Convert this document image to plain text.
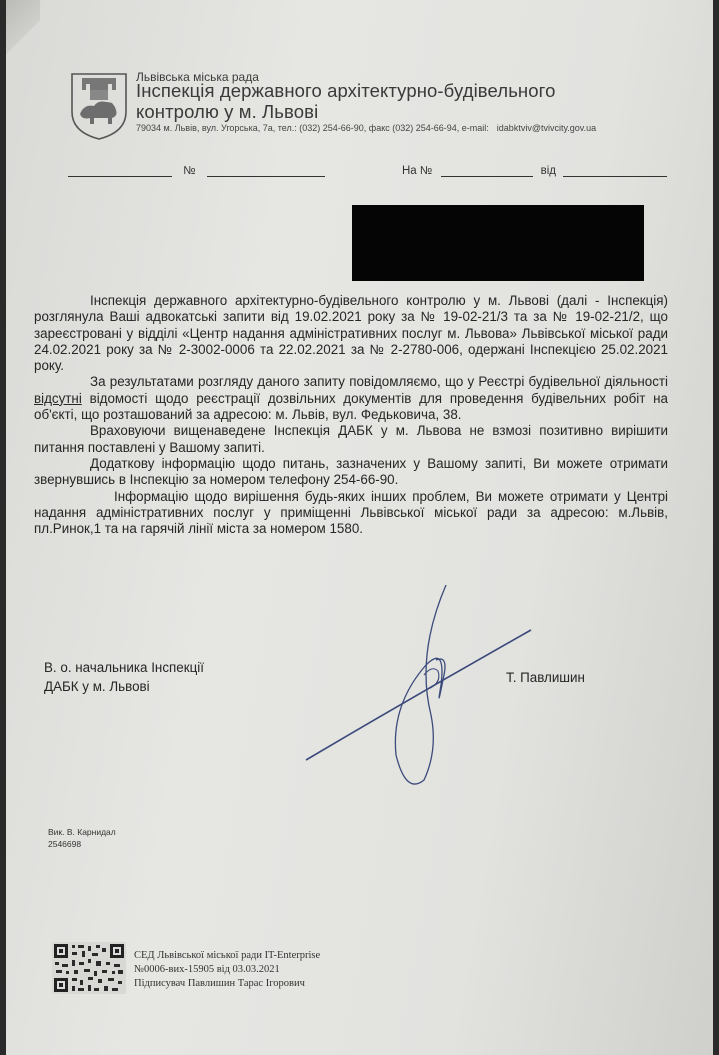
Львівська міська рада
Інспекція державного архітектурно-будівельного
контролю у м. Львові
79034 м. Львів, вул. Угорська, 7а, тел.: (032) 254-66-90, факс (032) 254-66-94, e-mail: idabktviv@tvivcity.gov.ua
№	На №	від

Інспекція державного архітектурно-будівельного контролю у м. Львові (далі - Інспекція) розглянула Ваші адвокатські запити від 19.02.2021 року за № 19-02-21/3 та за № 19-02-21/2, що зареєстровані у відділі «Центр надання адміністративних послуг м. Львова» Львівської міської ради 24.02.2021 року за № 2-3002-0006 та 22.02.2021 за № 2-2780-006, одержані Інспекцією 25.02.2021 року.

За результатами розгляду даного запиту повідомляємо, що у Реєстрі будівельної діяльності відсутні відомості щодо реєстрації дозвільних документів для проведення будівельних робіт на об'єкті, що розташований за адресою: м. Львів, вул. Федьковича, 38.

Враховуючи вищенаведене Інспекція ДАБК у м. Львова не взмозі позитивно вирішити питання поставлені у Вашому запиті.

Додаткову інформацію щодо питань, зазначених у Вашому запиті, Ви можете отримати звернувшись в Інспекцію за номером телефону 254-66-90.

Інформацію щодо вирішення будь-яких інших проблем, Ви можете отримати у Центрі надання адміністративних послуг у приміщенні Львівської міської ради за адресою: м.Львів, пл.Ринок,1 та на гарячій лінії міста за номером 1580.

В. о. начальника Інспекції
ДАБК у м. Львові
Т. Павлишин
Вик. В. Карнидал
2546698
СЕД Львівської міської ради IT-Enterprise
№0006-вих-15905 від 03.03.2021
Підписувач Павлишин Тарас Ігорович
